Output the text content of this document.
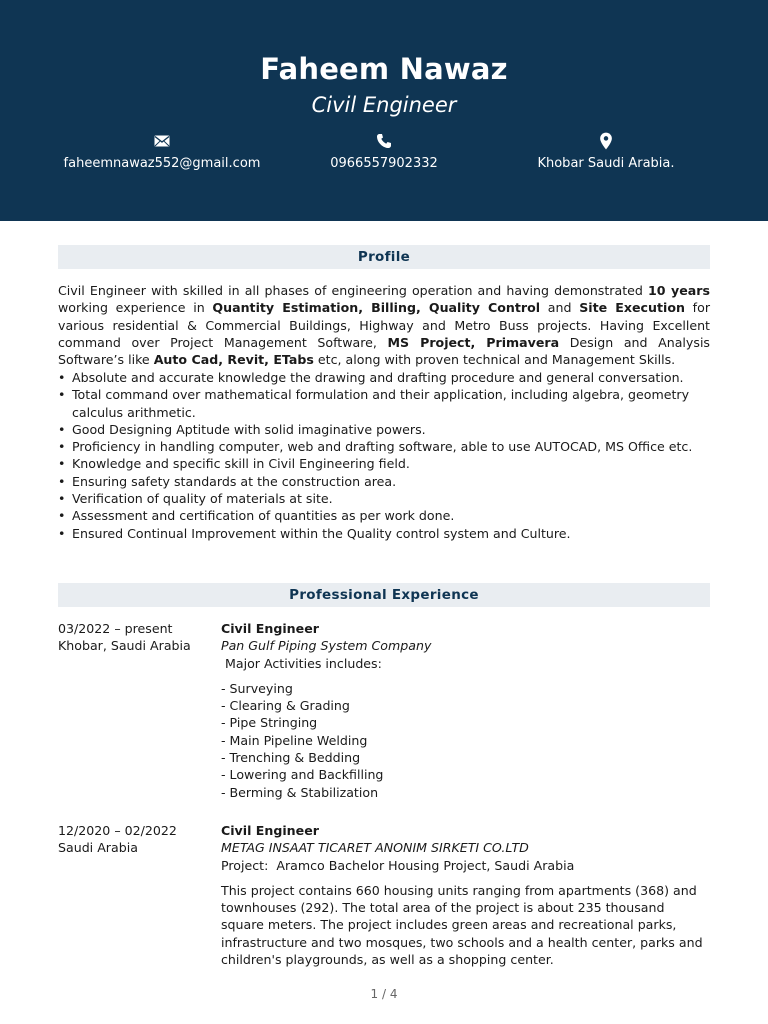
Faheem Nawaz
Civil Engineer
faheemnawaz552@gmail.com	0966557902332	Khobar Saudi Arabia.
Profile
Civil Engineer with skilled in all phases of engineering operation and having demonstrated 10 years working experience in Quantity Estimation, Billing, Quality Control and Site Execution for various residential & Commercial Buildings, Highway and Metro Buss projects. Having Excellent command over Project Management Software, MS Project, Primavera Design and Analysis Software’s like Auto Cad, Revit, ETabs etc, along with proven technical and Management Skills.
• Absolute and accurate knowledge the drawing and drafting procedure and general conversation.
• Total command over mathematical formulation and their application, including algebra, geometry calculus arithmetic.
• Good Designing Aptitude with solid imaginative powers.
• Proficiency in handling computer, web and drafting software, able to use AUTOCAD, MS Office etc.
• Knowledge and specific skill in Civil Engineering field.
• Ensuring safety standards at the construction area.
• Verification of quality of materials at site.
• Assessment and certification of quantities as per work done.
• Ensured Continual Improvement within the Quality control system and Culture.
Professional Experience
03/2022 – present
Khobar, Saudi Arabia
Civil Engineer
Pan Gulf Piping System Company
Major Activities includes:
- Surveying
- Clearing & Grading
- Pipe Stringing
- Main Pipeline Welding
- Trenching & Bedding
- Lowering and Backfilling
- Berming & Stabilization
12/2020 – 02/2022
Saudi Arabia
Civil Engineer
METAG INSAAT TICARET ANONIM SIRKETI CO.LTD
Project:  Aramco Bachelor Housing Project, Saudi Arabia

This project contains 660 housing units ranging from apartments (368) and townhouses (292). The total area of the project is about 235 thousand square meters. The project includes green areas and recreational parks, infrastructure and two mosques, two schools and a health center, parks and children's playgrounds, as well as a shopping center.

1 / 4
